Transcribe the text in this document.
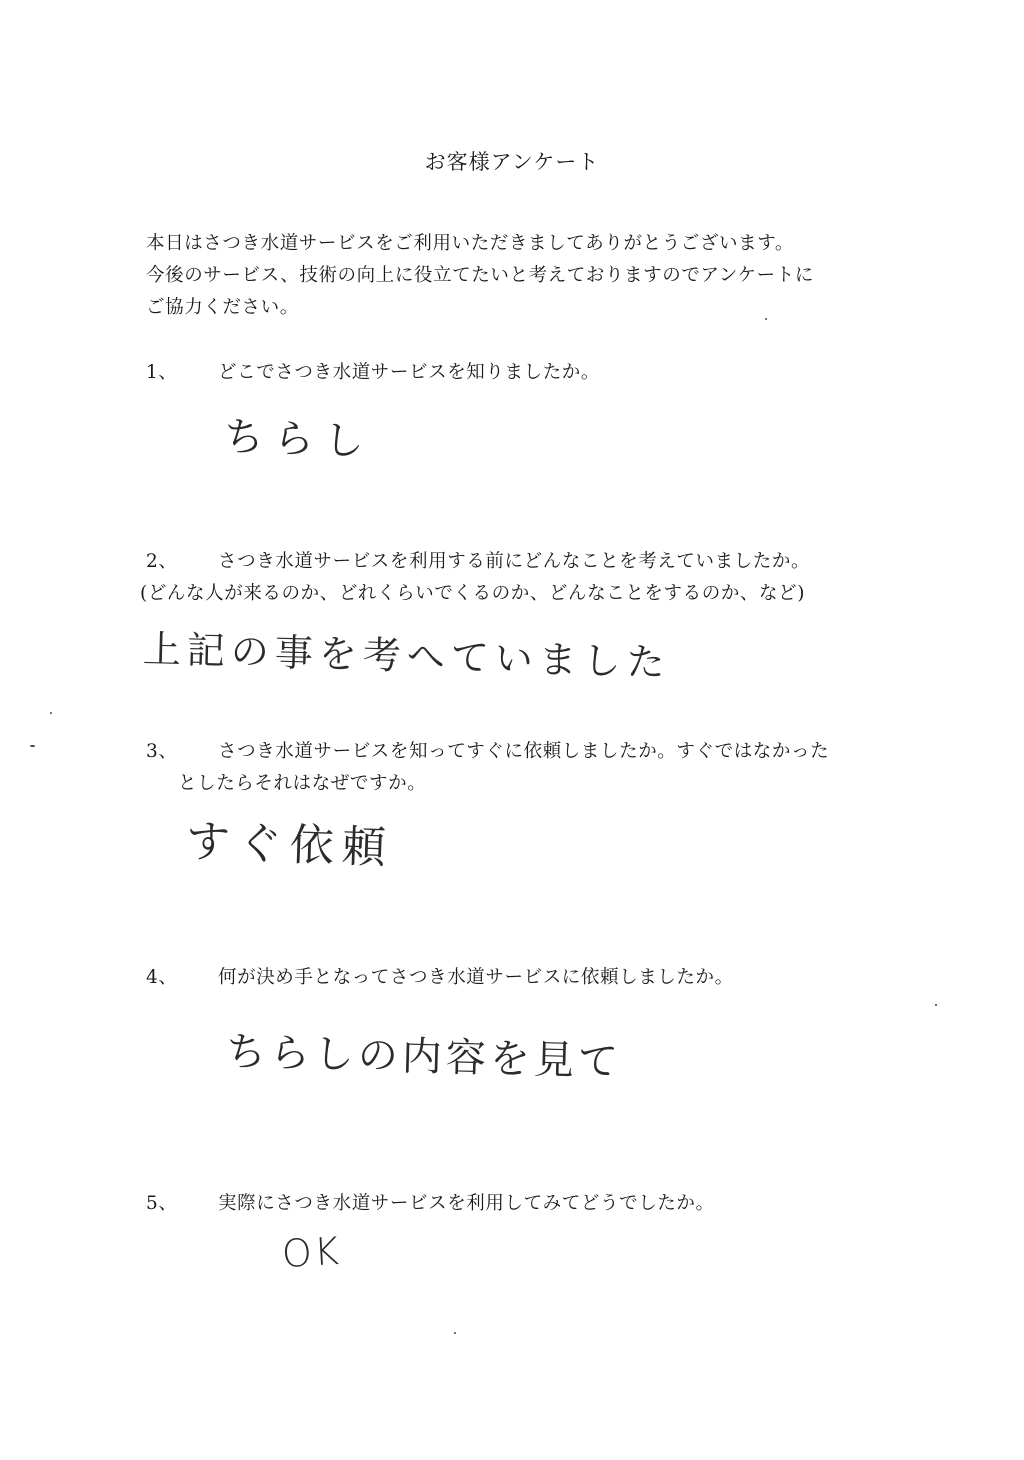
お客様アンケート
本日はさつき水道サービスをご利用いただきましてありがとうございます。
今後のサービス、技術の向上に役立てたいと考えておりますのでアンケートに
ご協力ください。
1、 どこでさつき水道サービスを知りましたか。
ちらし
2、 さつき水道サービスを利用する前にどんなことを考えていましたか。
(どんな人が来るのか、どれくらいでくるのか、どんなことをするのか、など)
上記の事を考へていました
3、 さつき水道サービスを知ってすぐに依頼しましたか。すぐではなかった
としたらそれはなぜですか。
すぐ依頼
4、 何が決め手となってさつき水道サービスに依頼しましたか。
ちらしの内容を見て
5、 実際にさつき水道サービスを利用してみてどうでしたか。
OK
